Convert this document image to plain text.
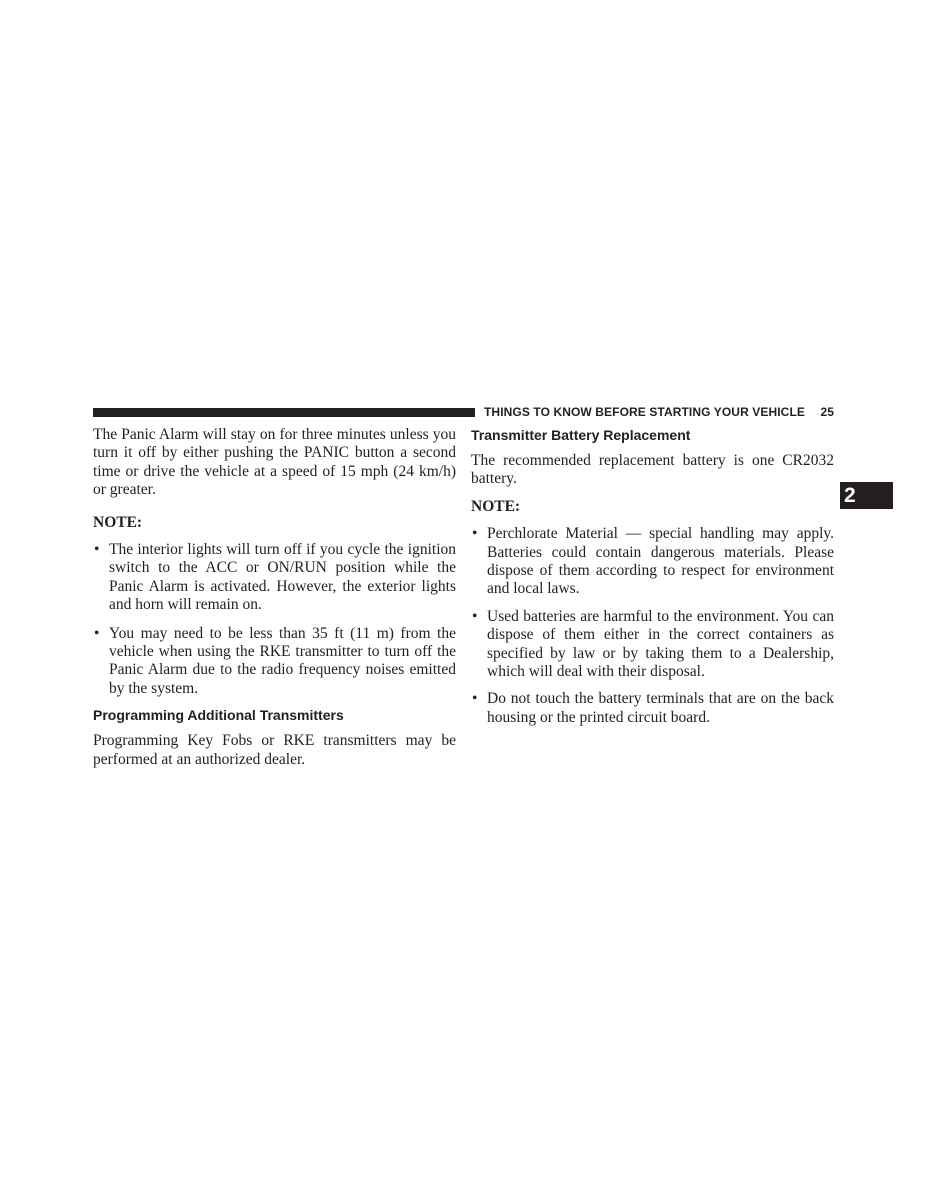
THINGS TO KNOW BEFORE STARTING YOUR VEHICLE 25
2

The Panic Alarm will stay on for three minutes unless you turn it off by either pushing the PANIC button a second time or drive the vehicle at a speed of 15 mph (24 km/h) or greater.

NOTE:

• The interior lights will turn off if you cycle the ignition switch to the ACC or ON/RUN position while the Panic Alarm is activated. However, the exterior lights and horn will remain on.
• You may need to be less than 35 ft (11 m) from the vehicle when using the RKE transmitter to turn off the Panic Alarm due to the radio frequency noises emitted by the system.
Programming Additional Transmitters

Programming Key Fobs or RKE transmitters may be performed at an authorized dealer.

Transmitter Battery Replacement

The recommended replacement battery is one CR2032 battery.

NOTE:

• Perchlorate Material — special handling may apply. Batteries could contain dangerous materials. Please dispose of them according to respect for environment and local laws.
• Used batteries are harmful to the environment. You can dispose of them either in the correct containers as specified by law or by taking them to a Dealership, which will deal with their disposal.
• Do not touch the battery terminals that are on the back housing or the printed circuit board.
